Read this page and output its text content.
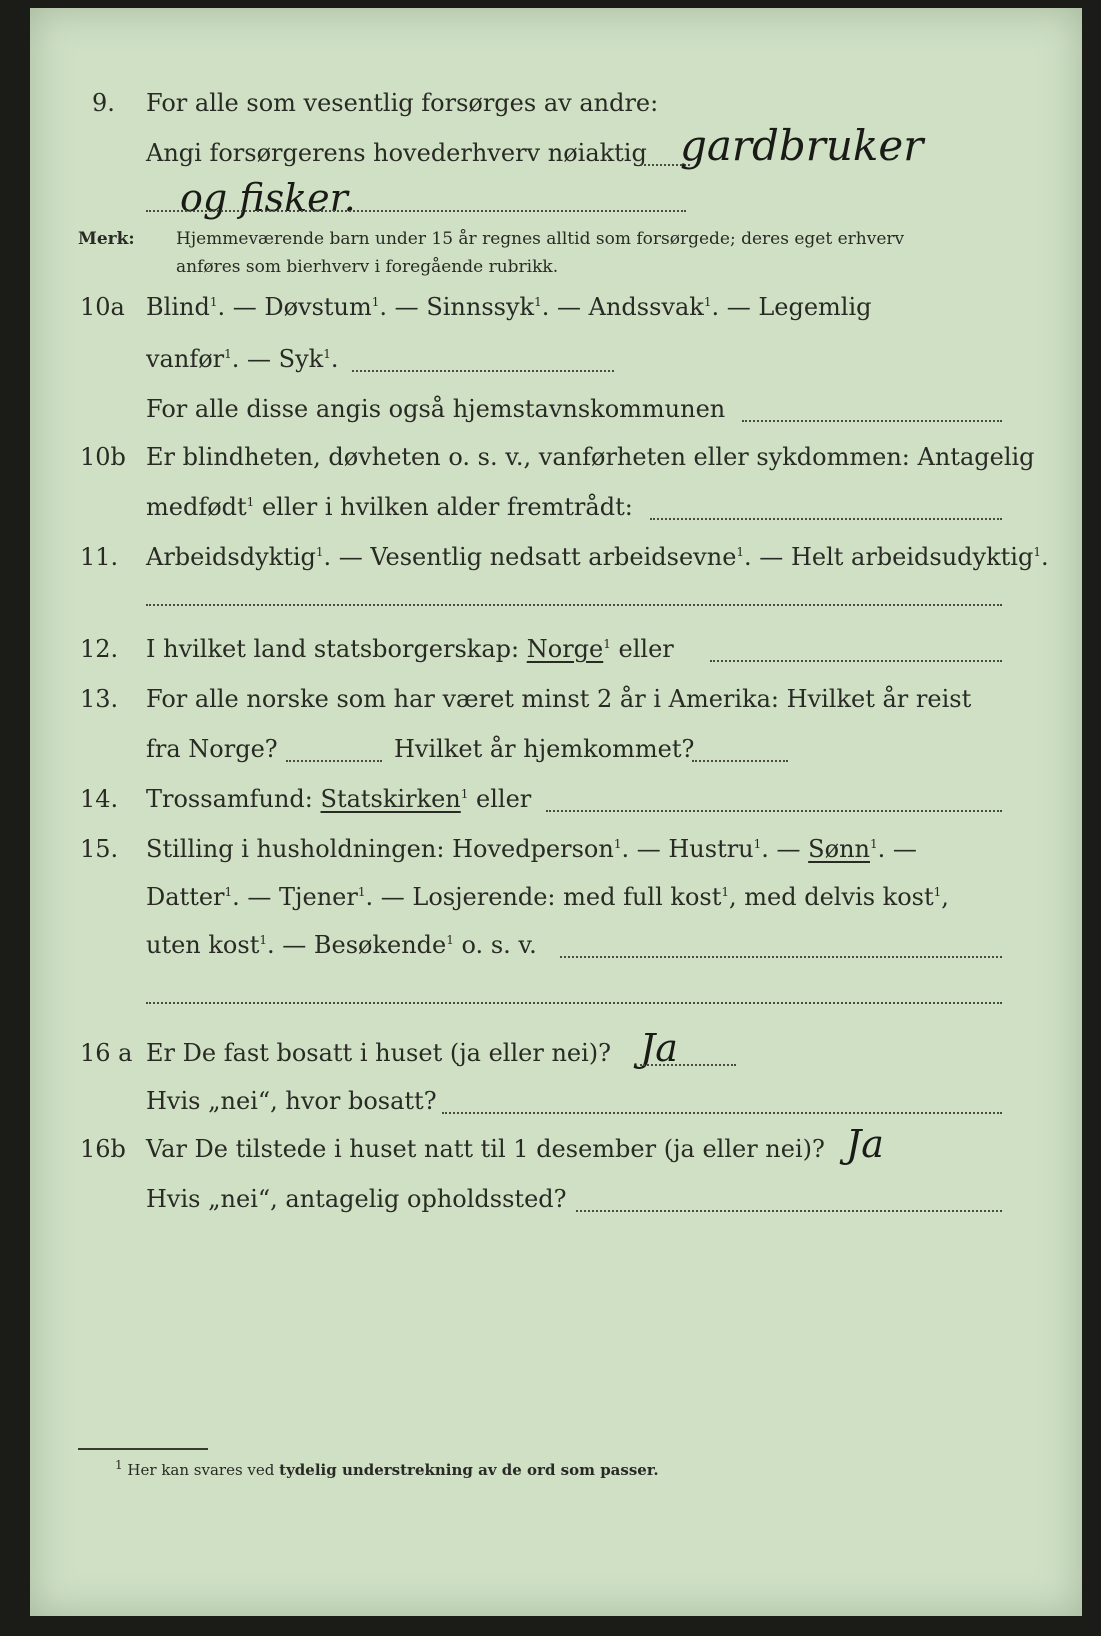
9. For alle som vesentlig forsørges av andre:
Angi forsørgerens hovederhverv nøiaktig gardbruker
og fisker.
Merk: Hjemmeværende barn under 15 år regnes alltid som forsørgede; deres eget erhverv
anføres som bierhverv i foregående rubrikk.
10a Blind$^1$. — Døvstum$^1$. — Sinnssyk$^1$. — Andssvak$^1$. — Legemlig
vanfør$^1$. — Syk$^1$.
For alle disse angis også hjemstavnskommunen
10b Er blindheten, døvheten o. s. v., vanførheten eller sykdommen: Antagelig
medfødt$^1$ eller i hvilken alder fremtrådt:
11. Arbeidsdyktig$^1$. — Vesentlig nedsatt arbeidsevne$^1$. — Helt arbeidsudyktig$^1$.
12. I hvilket land statsborgerskap: Norge$^1$ eller
13. For alle norske som har været minst 2 år i Amerika: Hvilket år reist
fra Norge?	Hvilket år hjemkommet?
14. Trossamfund: Statskirken$^1$ eller
15. Stilling i husholdningen: Hovedperson$^1$. — Hustru$^1$. — Sønn$^1$. —
Datter$^1$. — Tjener$^1$. — Losjerende: med full kost$^1$, med delvis kost$^1$,
uten kost$^1$. — Besøkende$^1$ o. s. v.
16 a Er De fast bosatt i huset (ja eller nei)? Ja
Hvis „nei“, hvor bosatt?
16b Var De tilstede i huset natt til 1 desember (ja eller nei)? Ja
Hvis „nei“, antagelig opholdssted?
$^1$ Her kan svares ved tydelig understrekning av de ord som passer.
